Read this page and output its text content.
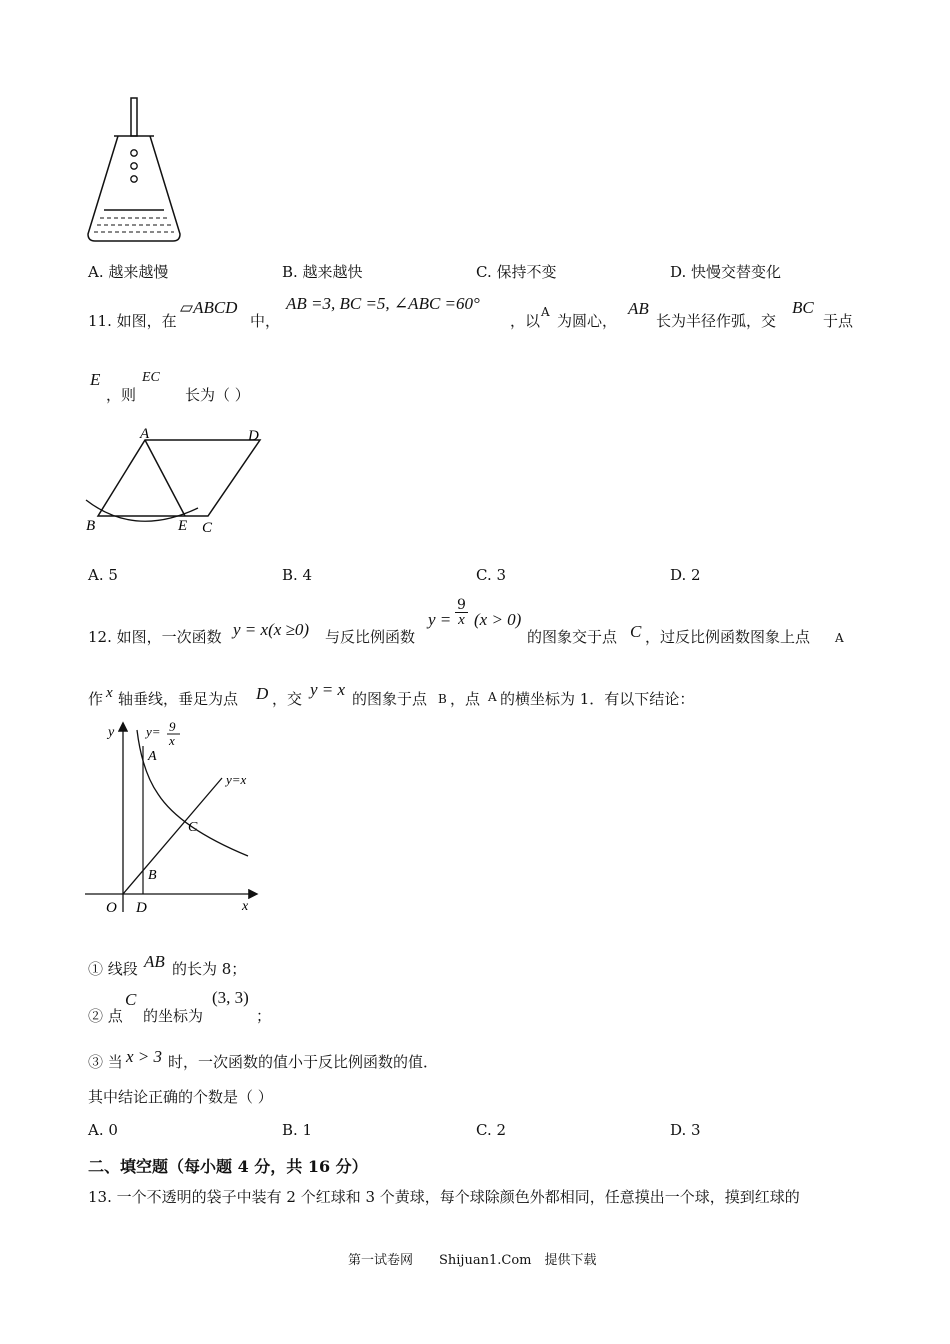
A. 越来越慢	B. 越来越快	C. 保持不变	D. 快慢交替变化
11. 如图，在
▱ABCD
中，
AB =3, BC =5, ∠ABC =60°
，以 A 为圆心，
AB
长为半径作弧，交
BC
于点
E
，则
EC
长为（ ）
A	D
B	E C
A. 5	B. 4	C. 3	D. 2
12. 如图，一次函数 y = x(x ≥0) 与反比例函数
$y = \frac{9}{x} (x > 0)$
的图象交于点 C ，过反比例函数图象上点 A
作 x 轴垂线，垂足为点 D ，交 y = x 的图象于点 B ，点 A 的横坐标为 1．有以下结论：
y
x
O D
A
B
C
y= 9
x
y=x
① 线段 AB 的长为 8；
② 点
C
的坐标为
(3, 3)
；
③ 当 x > 3 时，一次函数的值小于反比例函数的值．
其中结论正确的个数是（ ）
A. 0	B. 1	C. 2	D. 3
二、填空题（每小题 4 分，共 16 分）
13. 一个不透明的袋子中装有 2 个红球和 3 个黄球，每个球除颜色外都相同，任意摸出一个球，摸到红球的
第一试卷网　　Shijuan1.Com　提供下载
